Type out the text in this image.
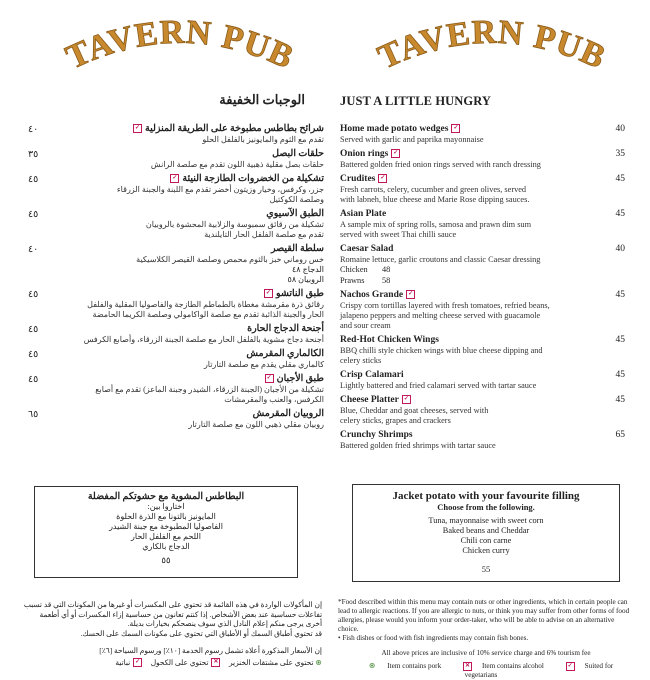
TAVERN PUB TAVERN PUB
JUST A LITTLE HUNGRY
الوجبات الخفيفة
Home made potato wedges ✓
Served with garlic and paprika mayonnaise
40
Onion rings ✓
Battered golden fried onion rings served with ranch dressing
35
Crudites ✓
Fresh carrots, celery, cucumber and green olives, served
with labneh, blue cheese and Marie Rose dipping sauces.
45
Asian Plate
A sample mix of spring rolls, samosa and prawn dim sum
served with sweet Thai chilli sauce
45
Caesar Salad
Romaine lettuce, garlic croutons and classic Caesar dressing
Chicken 48
Prawns 58
40
Nachos Grande ✓
Crispy corn tortillas layered with fresh tomatoes, refried beans,
jalapeno peppers and melting cheese served with guacamole
and sour cream
45
Red-Hot Chicken Wings
BBQ chilli style chicken wings with blue cheese dipping and
celery sticks
45
Crisp Calamari
Lightly battered and fried calamari served with tartar sauce
45
Cheese Platter ✓
Blue, Cheddar and goat cheeses, served with
celery sticks, grapes and crackers
45
Crunchy Shrimps
Battered golden fried shrimps with tartar sauce
65
شرائح بطاطس مطبوخة على الطريقة المنزلية✓
تقدم مع الثوم والمايونيز بالفلفل الحلو
٤٠
حلقات البصل
حلقات بصل مقلية ذهبية اللون تقدم مع صلصة الرانش
٣٥
تشكيلة من الخضروات الطازجة النيئة✓
جزر، وكرفس، وخيار وزيتون أخضر تقدم مع اللبنة والجبنة الزرقاء
وصلصة الكوكتيل
٤٥
الطبق الآسيوي
تشكيلة من رقائق سمبوسة والزلابية المحشوة بالروبيان
تقدم مع صلصة الفلفل الحار التايلندية
٤٥
سلطة القيصر
خس روماني خبز بالثوم محمص وصلصة القيصر الكلاسيكية
الدجاج ٤٨
الروبيان ٥٨
٤٠
طبق الناتشو✓
رقائق ذرة مقرمشة مغطاة بالطماطم الطازجة والفاصوليا المقلية والفلفل
الحار والجبنة الذائبة تقدم مع صلصة الواكامولي وصلصة الكريما الحامضة
٤٥
أجنحة الدجاج الحارة
أجنحة دجاج مشوية بالفلفل الحار مع صلصة الجبنة الزرقاء، وأصابع الكرفس
٤٥
الكالماري المقرمش
كالماري مقلي يقدم مع صلصة التارتار
٤٥
طبق الأجبان✓
تشكيلة من الأجبان (الجبنة الزرقاء، الشيدر وجبنة الماعز) تقدم مع أصابع
الكرفس، والعنب والمقرمشات
٤٥
الروبيان المقرمش
روبيان مقلي ذهبي اللون مع صلصة التارتار
٦٥
Jacket potato with your favourite filling
Choose from the following.
Tuna, mayonnaise with sweet corn
Baked beans and Cheddar
Chili con carne
Chicken curry
55
البطاطس المشوية مع حشوتكم المفضلة
اختاروا بين:
المايونيز بالتونا مع الذرة الحلوة
الفاصوليا المطبوخة مع جبنة الشيدر
اللحم مع الفلفل الحار
الدجاج بالكاري
٥٥
*Food described within this menu may contain nuts or other ingredients, which in certain people can lead to allergic reactions. If you are allergic to nuts, or think you may suffer from other forms of food allergies, please would you inform your order-taker, who will be able to advise on an alternative choice.
• Fish dishes or food with fish ingredients may contain fish bones.
All above prices are inclusive of 10% service charge and 6% tourism fee
⊛ Item contains pork	✕ Item contains alcohol	✓ Suited for vegetarians
إن المأكولات الواردة في هذه القائمة قد تحتوي على المكسرات أو غيرها من المكونات التي قد تسبب تفاعلات حساسية عند بعض الأشخاص. إذا كنتم تعانون من حساسية إزاء المكسرات أو أي أطعمة أخرى يرجى منكم إعلام النادل الذي سوف ينصحكم بخيارات بديلة.
قد تحتوي أطباق السمك أو الأطباق التي تحتوي على مكونات السمك على الحسك.
إن الأسعار المذكورة أعلاه تشمل رسوم الخدمة [١٠٪] ورسوم السياحة [٦٪]
⊛ تحتوي على مشتقات الخنزير   ✕تحتوي على الكحول   ✓نباتية
